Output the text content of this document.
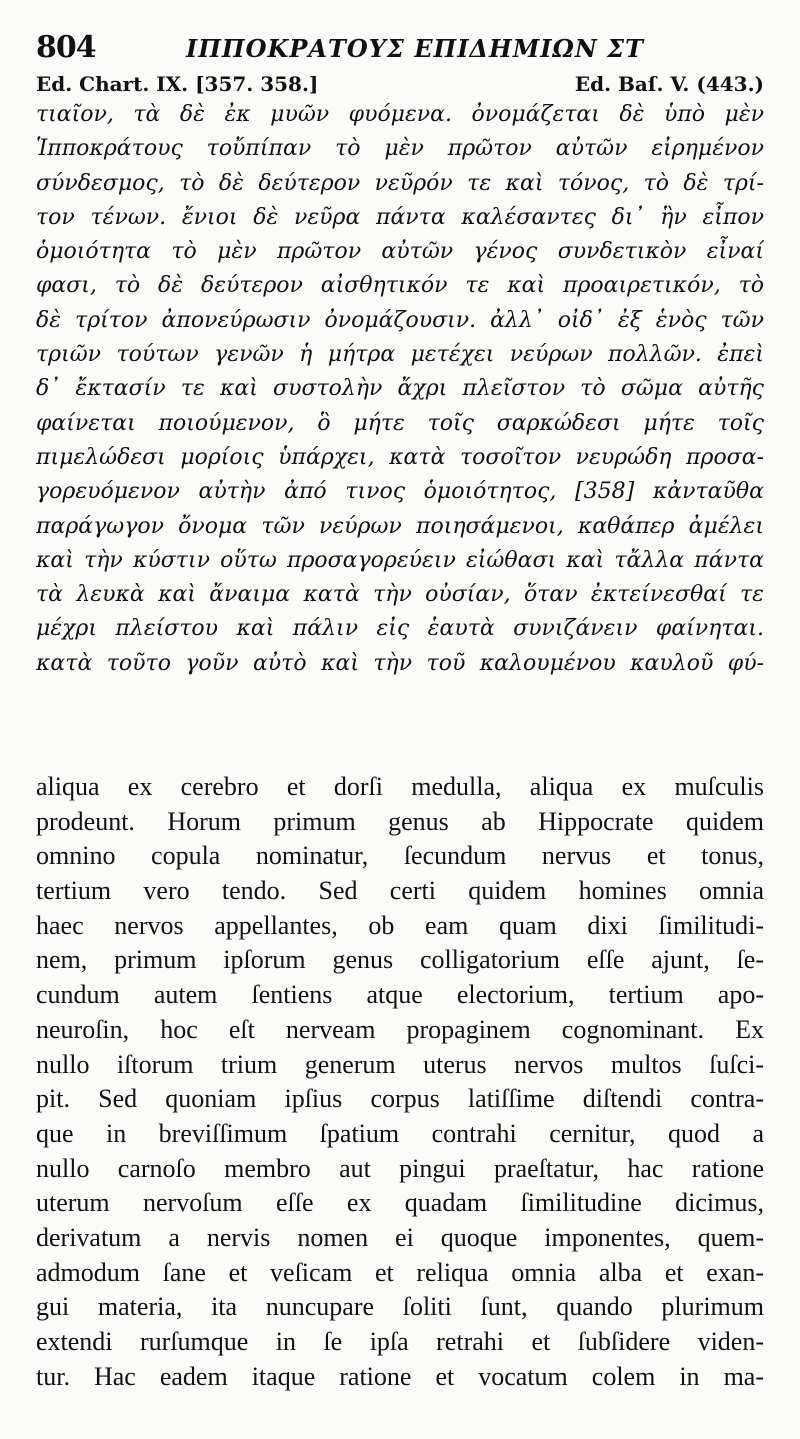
804	ΙΠΠΟΚΡΑΤΟΥΣ ΕΠΙΔΗΜΙΩΝ ΣΤ
Ed. Chart. IX. [357. 358.]	Ed. Baſ. V. (443.)
τιαῖον, τὰ δὲ ἐκ μυῶν φυόμενα. ὀνομάζεται δὲ ὑπὸ μὲν
Ἱπποκράτους τοὔπίπαν τὸ μὲν πρῶτον αὐτῶν εἰρημένον
σύνδεσμος, τὸ δὲ δεύτερον νεῦρόν τε καὶ τόνος, τὸ δὲ τρί-
τον τένων. ἔνιοι δὲ νεῦρα πάντα καλέσαντες δι᾽ ἣν εἶπον
ὁμοιότητα τὸ μὲν πρῶτον αὐτῶν γένος συνδετικὸν εἶναί
φασι, τὸ δὲ δεύτερον αἰσθητικόν τε καὶ προαιρετικόν, τὸ
δὲ τρίτον ἀπονεύρωσιν ὀνομάζουσιν. ἀλλ᾽ οἰδ᾽ ἐξ ἑνὸς τῶν
τριῶν τούτων γενῶν ἡ μήτρα μετέχει νεύρων πολλῶν. ἐπεὶ
δ᾽ ἔκτασίν τε καὶ συστολὴν ἄχρι πλεῖστον τὸ σῶμα αὐτῆς
φαίνεται ποιούμενον, ὃ μήτε τοῖς σαρκώδεσι μήτε τοῖς
πιμελώδεσι μορίοις ὑπάρχει, κατὰ τοσοῖτον νευρώδη προσα-
γορευόμενον αὐτὴν ἀπό τινος ὁμοιότητος, [358] κἀνταῦθα
παράγωγον ὄνομα τῶν νεύρων ποιησάμενοι, καθάπερ ἀμέλει
καὶ τὴν κύστιν οὕτω προσαγορεύειν εἰώθασι καὶ τἄλλα πάντα
τὰ λευκὰ καὶ ἄναιμα κατὰ τὴν οὐσίαν, ὅταν ἐκτείνεσθαί τε
μέχρι πλείστου καὶ πάλιν εἰς ἑαυτὰ συνιζάνειν φαίνηται.
κατὰ τοῦτο γοῦν αὐτὸ καὶ τὴν τοῦ καλουμένου καυλοῦ φύ-
aliqua ex cerebro et dorſi medulla, aliqua ex muſculis
prodeunt. Horum primum genus ab Hippocrate quidem
omnino copula nominatur, ſecundum nervus et tonus,
tertium vero tendo. Sed certi quidem homines omnia
haec nervos appellantes, ob eam quam dixi ſimilitudi-
nem, primum ipſorum genus colligatorium eſſe ajunt, ſe-
cundum autem ſentiens atque electorium, tertium apo-
neuroſin, hoc eſt nerveam propaginem cognominant. Ex
nullo iſtorum trium generum uterus nervos multos ſuſci-
pit. Sed quoniam ipſius corpus latiſſime diſtendi contra-
que in breviſſimum ſpatium contrahi cernitur, quod a
nullo carnoſo membro aut pingui praeſtatur, hac ratione
uterum nervoſum eſſe ex quadam ſimilitudine dicimus,
derivatum a nervis nomen ei quoque imponentes, quem-
admodum ſane et veſicam et reliqua omnia alba et exan-
gui materia, ita nuncupare ſoliti ſunt, quando plurimum
extendi rurſumque in ſe ipſa retrahi et ſubſidere viden-
tur. Hac eadem itaque ratione et vocatum colem in ma-
